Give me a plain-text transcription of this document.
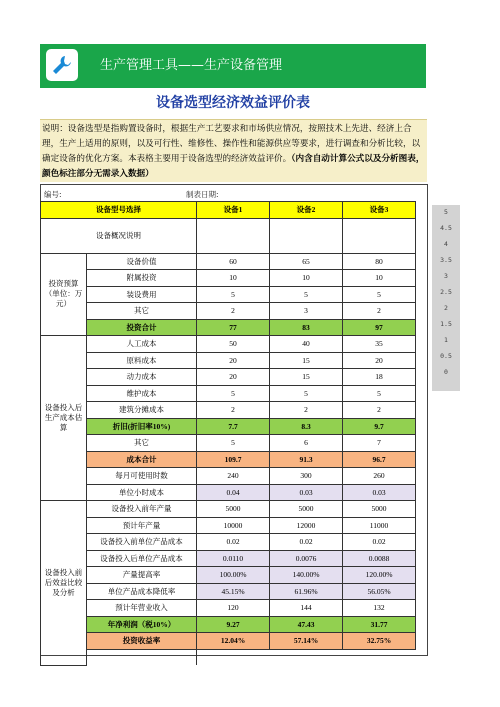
生产管理工具——生产设备管理
设备选型经济效益评价表
说明：设备选型是指购置设备时，根据生产工艺要求和市场供应情况，按照技术上先进、经济上合理，生产上适用的原则，以及可行性、维修性、操作性和能源供应等要求，进行调查和分析比较，以确定设备的优化方案。本表格主要用于设备选型的经济效益评价。（内含自动计算公式以及分析图表，颜色标注部分无需录入数据）
编号:	制表日期:
设备型号选择		设备1	设备2	设备3
设备概况说明				
投资预算（单位：万元）	设备价值	60	65	80
	附属投资	10	10	10
	装设费用	5	5	5
	其它	2	3	2
	投资合计	77	83	97
设备投入后生产成本估算	人工成本	50	40	35
	原料成本	20	15	20
	动力成本	20	15	18
	维护成本	5	5	5
	建筑分摊成本	2	2	2
	折旧(折旧率10%)	7.7	8.3	9.7
	其它	5	6	7
	成本合计	109.7	91.3	96.7
	每月可使用时数	240	300	260
	单位小时成本	0.04	0.03	0.03
设备投入前后效益比较及分析	设备投入前年产量	5000	5000	5000
	预计年产量	10000	12000	11000
	设备投入前单位产品成本	0.02	0.02	0.02
	设备投入后单位产品成本	0.0110	0.0076	0.0088
	产量提高率	100.00%	140.00%	120.00%
	单位产品成本降低率	45.15%	61.96%	56.05%
	预计年营业收入	120	144	132
	年净利润（税10%）	9.27	47.43	31.77
	投资收益率	12.04%	57.14%	32.75%

5
4.5
4
3.5
3
2.5
2
1.5
1
0.5
0
